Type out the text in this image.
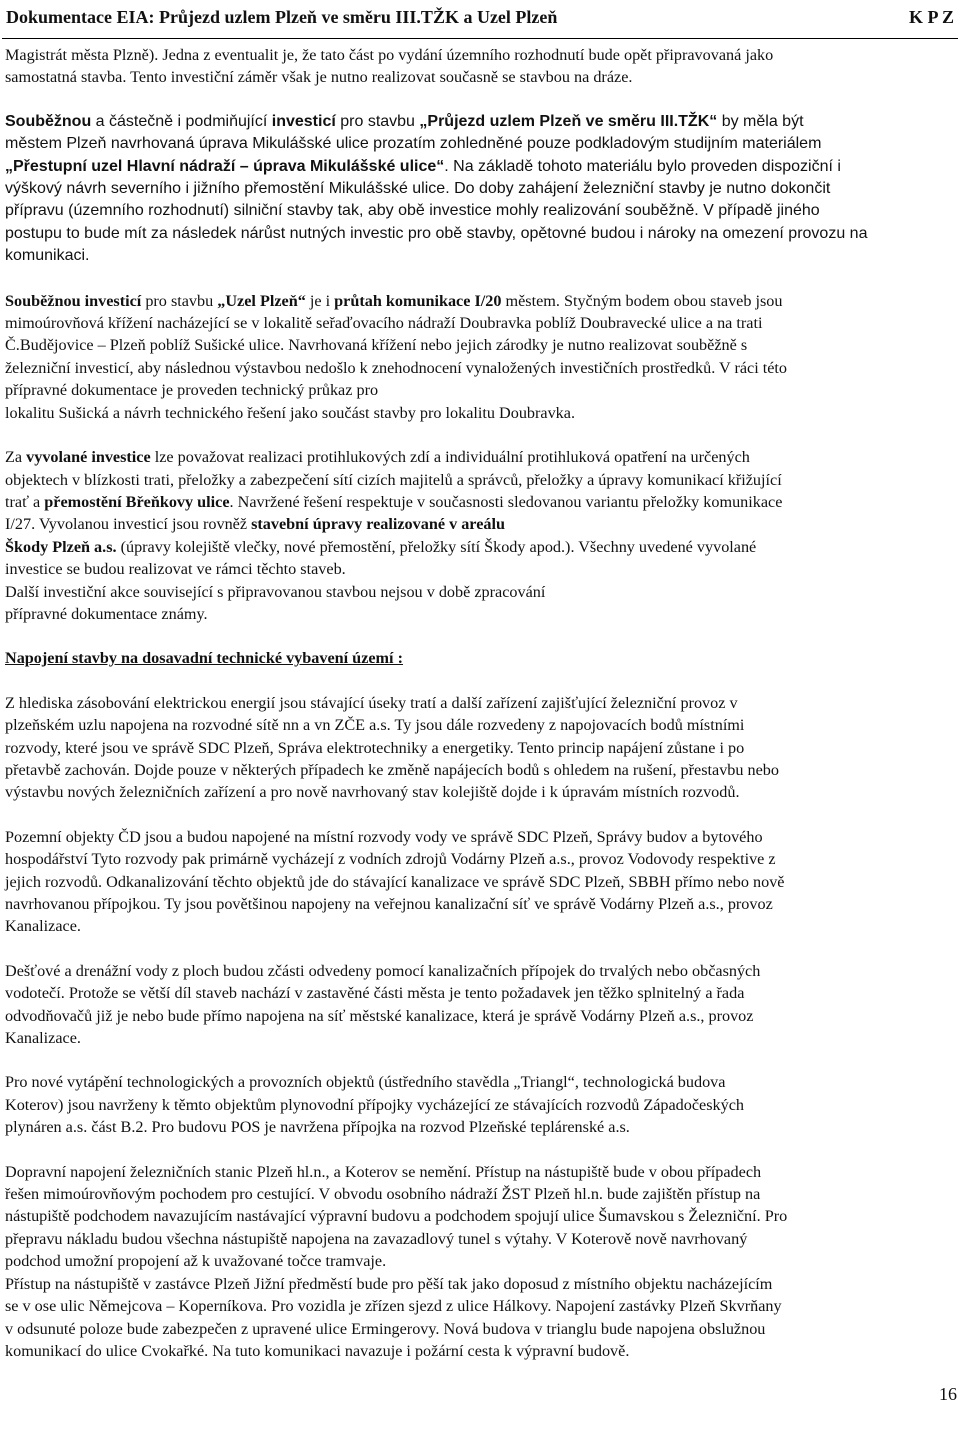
Dokumentace EIA: Průjezd uzlem Plzeň ve směru III.TŽK a Uzel Plzeň	K P Z

Magistrát města Plzně). Jedna z eventualit je, že tato část po vydání územního rozhodnutí bude opět připravovaná jako
samostatná stavba. Tento investiční záměr však je nutno realizovat současně se stavbou na dráze.

Souběžnou a částečně i podmiňující investicí pro stavbu „Průjezd uzlem Plzeň ve směru III.TŽK“ by měla být
městem Plzeň navrhovaná úprava Mikulášské ulice prozatím zohledněné pouze podkladovým studijním materiálem
„Přestupní uzel Hlavní nádraží – úprava Mikulášské ulice“. Na základě tohoto materiálu bylo proveden dispoziční i
výškový návrh severního i jižního přemostění Mikulášské ulice. Do doby zahájení železniční stavby je nutno dokončit
přípravu (územního rozhodnutí) silniční stavby tak, aby obě investice mohly realizování souběžně. V případě jiného
postupu to bude mít za následek nárůst nutných investic pro obě stavby, opětovné budou i nároky na omezení provozu na
komunikaci.

Souběžnou investicí pro stavbu „Uzel Plzeň“ je i průtah komunikace I/20 městem. Styčným bodem obou staveb jsou
mimoúrovňová křížení nacházející se v lokalitě seřaďovacího nádraží Doubravka poblíž Doubravecké ulice a na trati
Č.Budějovice – Plzeň poblíž Sušické ulice. Navrhovaná křížení nebo jejich zárodky je nutno realizovat souběžně s
železniční investicí, aby následnou výstavbou nedošlo k znehodnocení vynaložených investičních prostředků. V ráci této
přípravné dokumentace je proveden technický průkaz pro
lokalitu Sušická a návrh technického řešení jako součást stavby pro lokalitu Doubravka.

Za vyvolané investice lze považovat realizaci protihlukových zdí a individuální protihluková opatření na určených
objektech v blízkosti trati, přeložky a zabezpečení sítí cizích majitelů a správců, přeložky a úpravy komunikací křižující
trať a přemostění Břeňkovy ulice. Navržené řešení respektuje v současnosti sledovanou variantu přeložky komunikace
I/27. Vyvolanou investicí jsou rovněž stavební úpravy realizované v areálu
Škody Plzeň a.s. (úpravy kolejiště vlečky, nové přemostění, přeložky sítí Škody apod.). Všechny uvedené vyvolané
investice se budou realizovat ve rámci těchto staveb.
Další investiční akce související s připravovanou stavbou nejsou v době zpracování
přípravné dokumentace známy.

Napojení stavby na dosavadní technické vybavení území :

Z hlediska zásobování elektrickou energií jsou stávající úseky tratí a další zařízení zajišťující železniční provoz v
plzeňském uzlu napojena na rozvodné sítě nn a vn ZČE a.s. Ty jsou dále rozvedeny z napojovacích bodů místními
rozvody, které jsou ve správě SDC Plzeň, Správa elektrotechniky a energetiky. Tento princip napájení zůstane i po
přetavbě zachován. Dojde pouze v některých případech ke změně napájecích bodů s ohledem na rušení, přestavbu nebo
výstavbu nových železničních zařízení a pro nově navrhovaný stav kolejiště dojde i k úpravám místních rozvodů.

Pozemní objekty ČD jsou a budou napojené na místní rozvody vody ve správě SDC Plzeň, Správy budov a bytového
hospodářství Tyto rozvody pak primárně vycházejí z vodních zdrojů Vodárny Plzeň a.s., provoz Vodovody respektive z
jejich rozvodů. Odkanalizování těchto objektů jde do stávající kanalizace ve správě SDC Plzeň, SBBH přímo nebo nově
navrhovanou přípojkou. Ty jsou povětšinou napojeny na veřejnou kanalizační síť ve správě Vodárny Plzeň a.s., provoz
Kanalizace.

Dešťové a drenážní vody z ploch budou zčásti odvedeny pomocí kanalizačních přípojek do trvalých nebo občasných
vodotečí. Protože se větší díl staveb nachází v zastavěné části města je tento požadavek jen těžko splnitelný a řada
odvodňovačů již je nebo bude přímo napojena na síť městské kanalizace, která je správě Vodárny Plzeň a.s., provoz
Kanalizace.

Pro nové vytápění technologických a provozních objektů (ústředního stavědla „Triangl“, technologická budova
Koterov) jsou navrženy k těmto objektům plynovodní přípojky vycházející ze stávajících rozvodů Západočeských
plynáren a.s. část B.2. Pro budovu POS je navržena přípojka na rozvod Plzeňské teplárenské a.s.

Dopravní napojení železničních stanic Plzeň hl.n., a Koterov se nemění. Přístup na nástupiště bude v obou případech
řešen mimoúrovňovým pochodem pro cestující. V obvodu osobního nádraží ŽST Plzeň hl.n. bude zajištěn přístup na
nástupiště podchodem navazujícím nastávající výpravní budovu a podchodem spojují ulice Šumavskou s Železniční. Pro
přepravu nákladu budou všechna nástupiště napojena na zavazadlový tunel s výtahy. V Koterově nově navrhovaný
podchod umožní propojení až k uvažované točce tramvaje.
Přístup na nástupiště v zastávce Plzeň Jižní předměstí bude pro pěší tak jako doposud z místního objektu nacházejícím
se v ose ulic Němejcova – Koperníkova. Pro vozidla je zřízen sjezd z ulice Hálkovy. Napojení zastávky Plzeň Skvrňany
v odsunuté poloze bude zabezpečen z upravené ulice Ermingerovy. Nová budova v trianglu bude napojena obslužnou
komunikací do ulice Cvokařké. Na tuto komunikaci navazuje i požární cesta k výpravní budově.

16
